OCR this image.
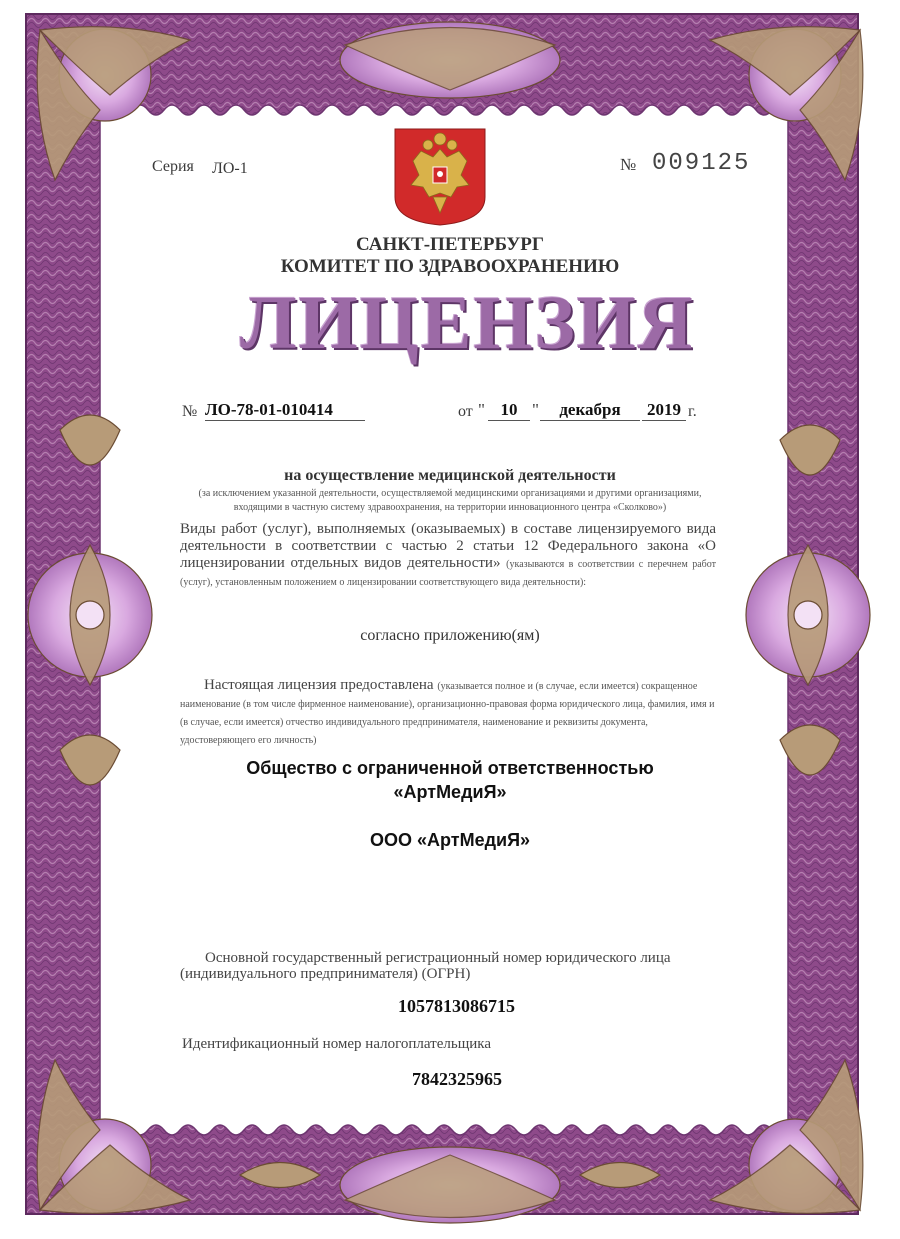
Серия ЛО-1	№ 009125
САНКТ-ПЕТЕРБУРГ
КОМИТЕТ ПО ЗДРАВООХРАНЕНИЮ
ЛИЦЕНЗИЯ
№ ЛО-78-01-010414	от " 10 "	декабря	2019 г.
на осуществление медицинской деятельности
(за исключением указанной деятельности, осуществляемой медицинскими организациями и другими организациями, входящими в частную систему здравоохранения, на территории инновационного центра «Сколково»)
Виды работ (услуг), выполняемых (оказываемых) в составе лицензируемого вида деятельности в соответствии с частью 2 статьи 12 Федерального закона «О лицензировании отдельных видов деятельности» (указываются в соответствии с перечнем работ (услуг), установленным положением о лицензировании соответствующего вида деятельности):
согласно приложению(ям)
Настоящая лицензия предоставлена (указывается полное и (в случае, если имеется) сокращенное наименование (в том числе фирменное наименование), организационно-правовая форма юридического лица, фамилия, имя и (в случае, если имеется) отчество индивидуального предпринимателя, наименование и реквизиты документа, удостоверяющего его личность)
Общество с ограниченной ответственностью
«АртМедиЯ»
ООО «АртМедиЯ»
Основной государственный регистрационный номер юридического лица
(индивидуального предпринимателя) (ОГРН)
1057813086715
Идентификационный номер налогоплательщика
7842325965
